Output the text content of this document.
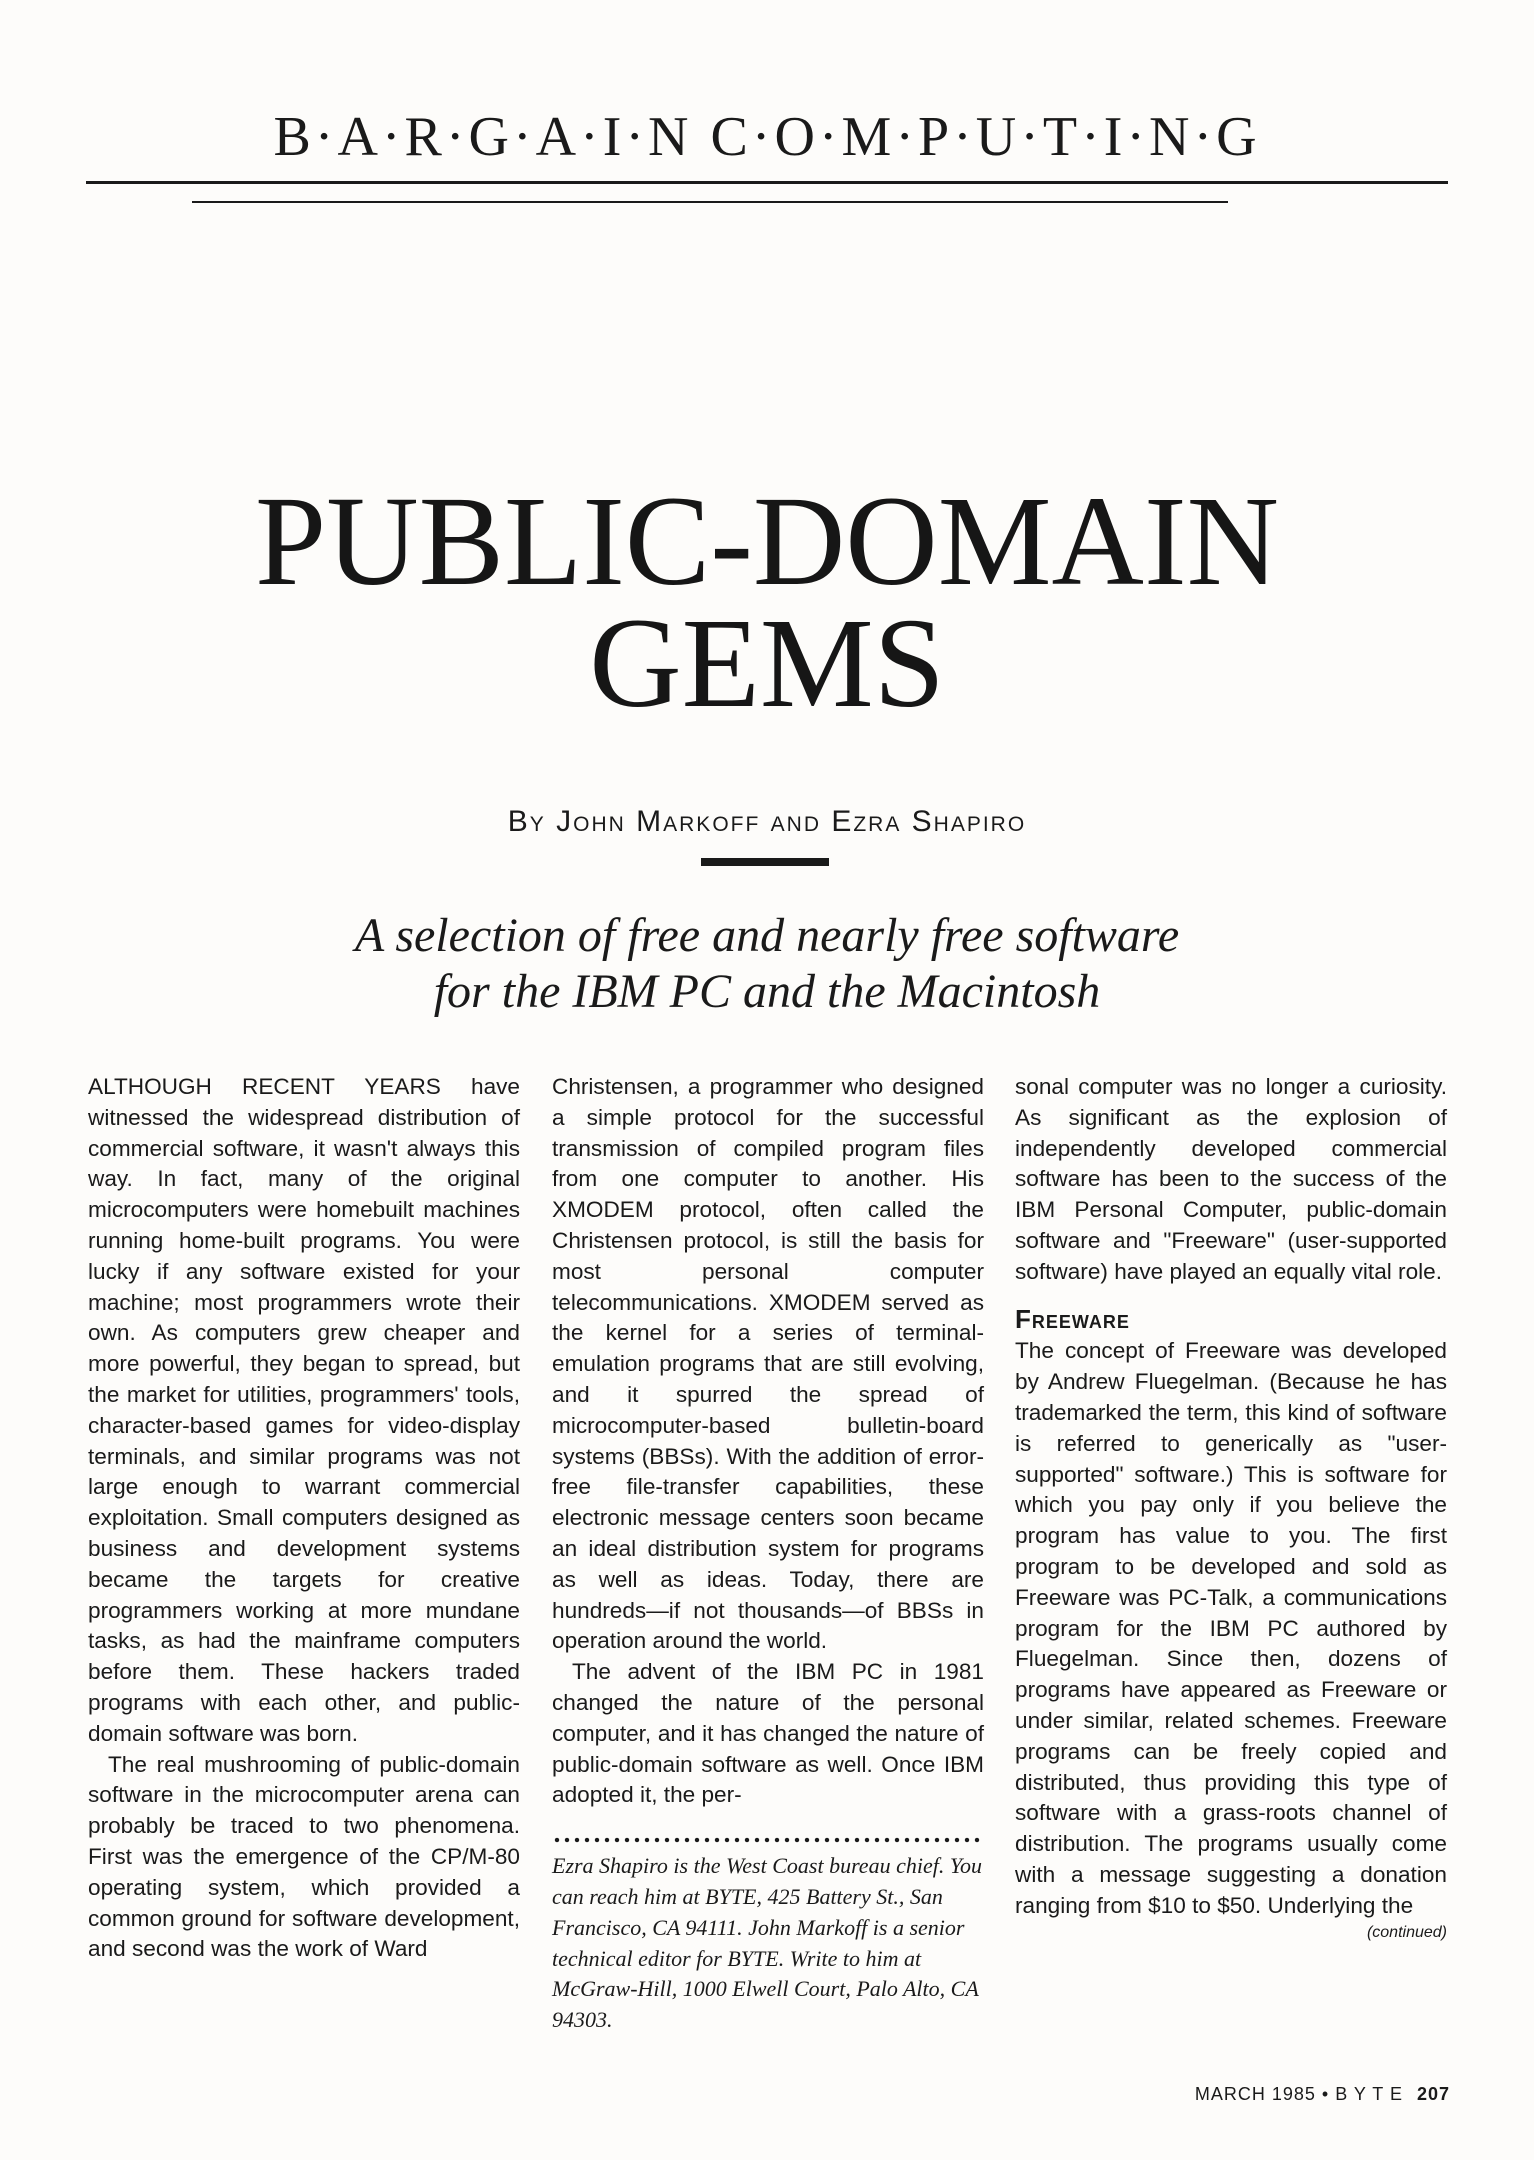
B·A·R·G·A·I·N C·O·M·P·U·T·I·N·G
PUBLIC-DOMAIN
GEMS
By John Markoff and Ezra Shapiro
A selection of free and nearly free software
for the IBM PC and the Macintosh

ALTHOUGH RECENT YEARS have witnessed the widespread distribution of commercial software, it wasn't always this way. In fact, many of the original microcomputers were homebuilt machines running home-built programs. You were lucky if any software existed for your machine; most programmers wrote their own. As computers grew cheaper and more powerful, they began to spread, but the market for utilities, programmers' tools, character-based games for video-display terminals, and similar programs was not large enough to warrant commercial exploitation. Small computers designed as business and development systems became the targets for creative programmers working at more mundane tasks, as had the mainframe computers before them. These hackers traded programs with each other, and public-domain software was born.

The real mushrooming of public-domain software in the microcomputer arena can probably be traced to two phenomena. First was the emergence of the CP/M-80 operating system, which provided a common ground for software development, and second was the work of Ward

Christensen, a programmer who designed a simple protocol for the successful transmission of compiled program files from one computer to another. His XMODEM protocol, often called the Christensen protocol, is still the basis for most personal computer telecommunications. XMODEM served as the kernel for a series of terminal-emulation programs that are still evolving, and it spurred the spread of microcomputer-based bulletin-board systems (BBSs). With the addition of error-free file-transfer capabilities, these electronic message centers soon became an ideal distribution system for programs as well as ideas. Today, there are hundreds—if not thousands—of BBSs in operation around the world.

The advent of the IBM PC in 1981 changed the nature of the personal computer, and it has changed the nature of public-domain software as well. Once IBM adopted it, the per-

Ezra Shapiro is the West Coast bureau chief. You can reach him at BYTE, 425 Battery St., San Francisco, CA 94111. John Markoff is a senior technical editor for BYTE. Write to him at McGraw-Hill, 1000 Elwell Court, Palo Alto, CA 94303.

sonal computer was no longer a curiosity. As significant as the explosion of independently developed commercial software has been to the success of the IBM Personal Computer, public-domain software and "Freeware" (user-supported software) have played an equally vital role.

Freeware

The concept of Freeware was developed by Andrew Fluegelman. (Because he has trademarked the term, this kind of software is referred to generically as "user-supported" software.) This is software for which you pay only if you believe the program has value to you. The first program to be developed and sold as Freeware was PC-Talk, a communications program for the IBM PC authored by Fluegelman. Since then, dozens of programs have appeared as Freeware or under similar, related schemes. Freeware programs can be freely copied and distributed, thus providing this type of software with a grass-roots channel of distribution. The programs usually come with a message suggesting a donation ranging from $10 to $50. Underlying the

(continued)
MARCH 1985 • B Y T E 207
